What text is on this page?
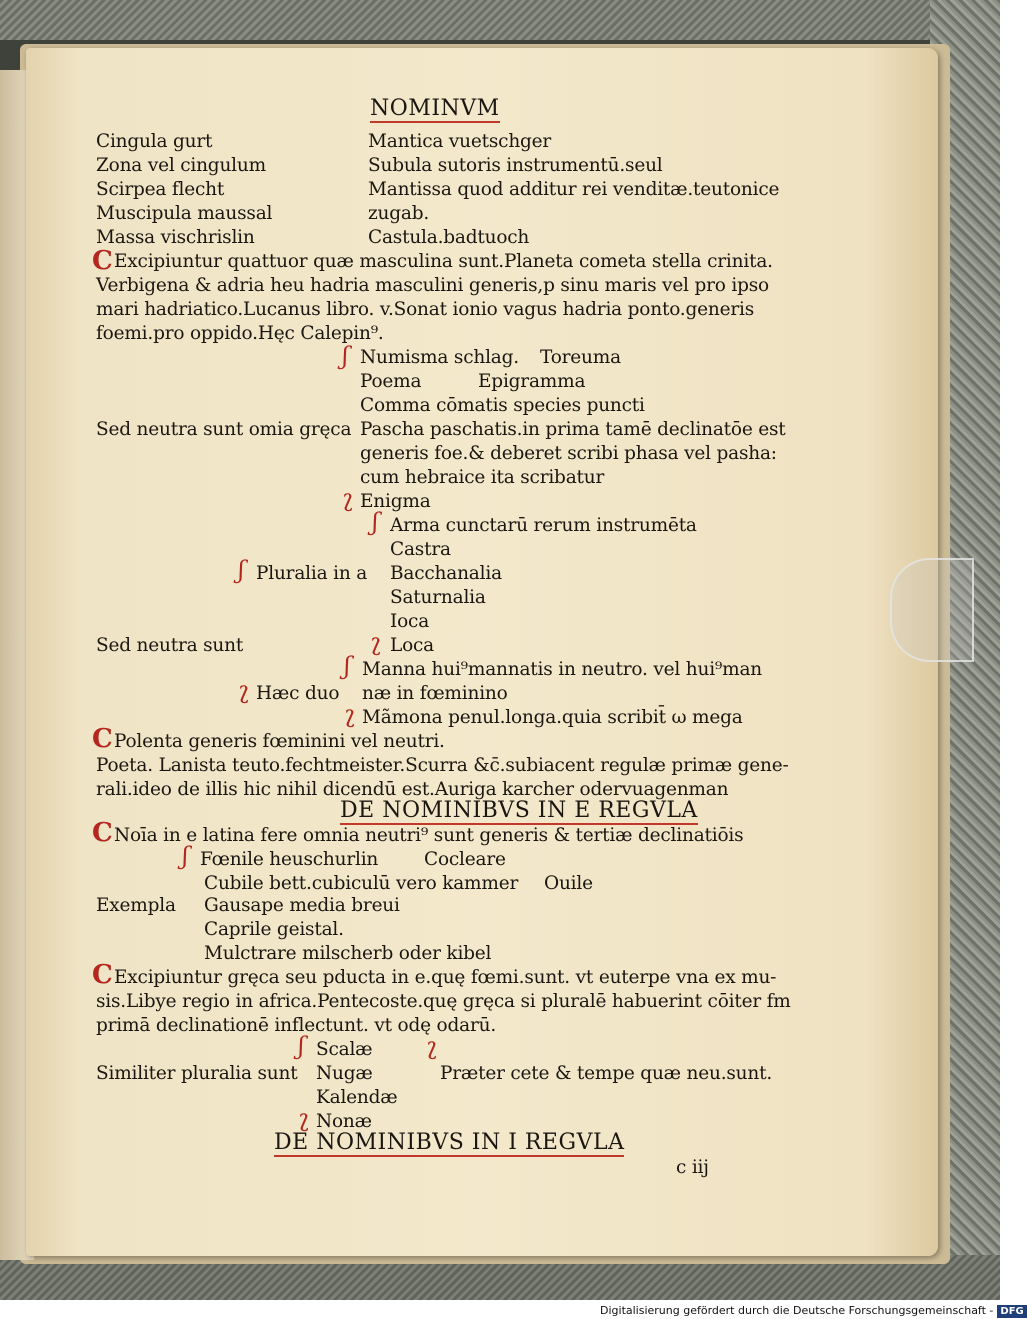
NOMINVM
Cingula gurt	Mantica vuetschger
Zona vel cingulum	Subula sutoris instrumentū.seul
Scirpea flecht	Mantissa quod additur rei venditæ.teutonice
Muscipula maussal	zugab.
Massa vischrislin	Castula.badtuoch
C Excipiuntur quattuor quæ masculina sunt.Planeta cometa stella crinita.
Verbigena & adria heu hadria masculini generis,p sinu maris vel pro ipso
mari hadriatico.Lucanus libro. v.Sonat ionio vagus hadria ponto.generis
foemi.pro oppido.Hęc Calepin⁹.
ʃ Numisma schlag. Toreuma
Poema	Epigramma
Comma cōmatis species puncti
Sed neutra sunt omia gręca Pascha paschatis.in prima tamē declinatōe est
generis foe.& deberet scribi phasa vel pasha:
cum hebraice ita scribatur
ʅ Enigma
ʃ Arma cunctarū rerum instrumēta
Castra
ʃ Pluralia in a Bacchanalia
Saturnalia
Ioca
Sed neutra sunt	ʅ Loca
ʃ Manna hui⁹mannatis in neutro. vel hui⁹man
ʅ Hæc duo næ in fœminino
ʅ Mãmona penul.longa.quia scribit̄ ω mega
C Polenta generis fœminini vel neutri.
Poeta. Lanista teuto.fechtmeister.Scurra &c̄.subiacent regulæ primæ gene-
rali.ideo de illis hic nihil dicendū est.Auriga karcher odervuagenman
DE NOMINIBVS IN E REGVLA
C Noīa in e latina fere omnia neutri⁹ sunt generis & tertiæ declinatiōis
ʃ Fœnile heuschurlin Cocleare
Cubile bett.cubiculū vero kammer Ouile
Exempla Gausape media breui
Caprile geistal.
Mulctrare milscherb oder kibel
C Excipiuntur gręca seu pducta in e.quę fœmi.sunt. vt euterpe vna ex mu-
sis.Libye regio in africa.Pentecoste.quę gręca si pluralē habuerint cōiter fm
primā declinationē inflectunt. vt odę odarū.
ʃ Scalæ ʅ
Similiter pluralia sunt Nugæ	Præter cete & tempe quæ neu.sunt.
Kalendæ
ʅ Nonæ
DE NOMINIBVS IN I REGVLA
c iij
Digitalisierung gefördert durch die Deutsche Forschungsgemeinschaft - DFG
